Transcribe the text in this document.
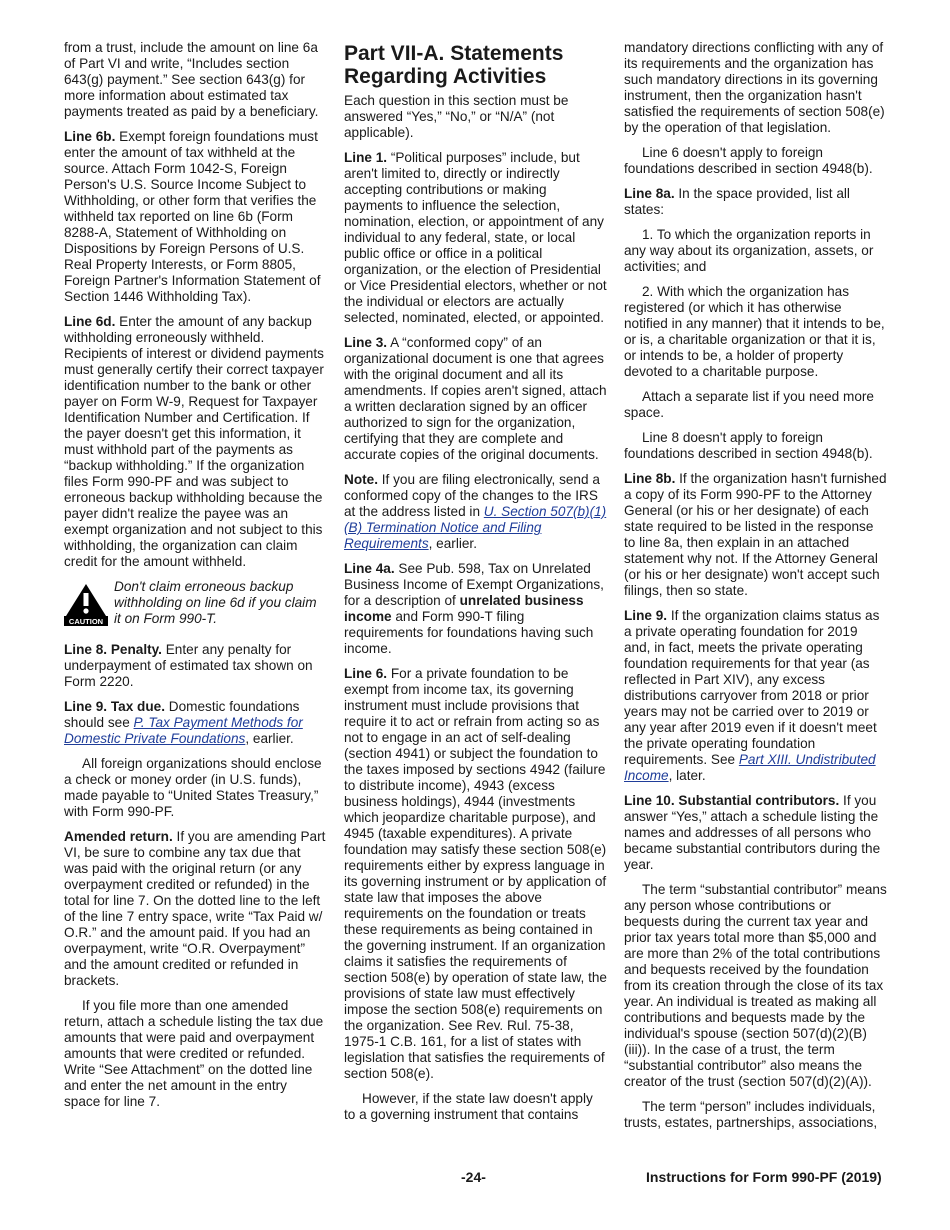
from a trust, include the amount on line 6a of Part VI and write, “Includes section 643(g) payment.” See section 643(g) for more information about estimated tax payments treated as paid by a beneficiary.

Line 6b. Exempt foreign foundations must enter the amount of tax withheld at the source. Attach Form 1042-S, Foreign Person's U.S. Source Income Subject to Withholding, or other form that verifies the withheld tax reported on line 6b (Form 8288-A, Statement of Withholding on Dispositions by Foreign Persons of U.S. Real Property Interests, or Form 8805, Foreign Partner's Information Statement of Section 1446 Withholding Tax).

Line 6d. Enter the amount of any backup withholding erroneously withheld. Recipients of interest or dividend payments must generally certify their correct taxpayer identification number to the bank or other payer on Form W-9, Request for Taxpayer Identification Number and Certification. If the payer doesn't get this information, it must withhold part of the payments as “backup withholding.” If the organization files Form 990-PF and was subject to erroneous backup withholding because the payer didn't realize the payee was an exempt organization and not subject to this withholding, the organization can claim credit for the amount withheld.

CAUTION
Don't claim erroneous backup withholding on line 6d if you claim it on Form 990-T.

Line 8. Penalty. Enter any penalty for underpayment of estimated tax shown on Form 2220.

Line 9. Tax due. Domestic foundations should see P. Tax Payment Methods for Domestic Private Foundations, earlier.

All foreign organizations should enclose a check or money order (in U.S. funds), made payable to “United States Treasury,” with Form 990-PF.

Amended return. If you are amending Part VI, be sure to combine any tax due that was paid with the original return (or any overpayment credited or refunded) in the total for line 7. On the dotted line to the left of the line 7 entry space, write “Tax Paid w/ O.R.” and the amount paid. If you had an overpayment, write “O.R. Overpayment” and the amount credited or refunded in brackets.

If you file more than one amended return, attach a schedule listing the tax due amounts that were paid and overpayment amounts that were credited or refunded. Write “See Attachment” on the dotted line and enter the net amount in the entry space for line 7.

Part VII-A. Statements Regarding Activities

Each question in this section must be answered “Yes,” “No,” or “N/A” (not applicable).

Line 1. “Political purposes” include, but aren't limited to, directly or indirectly accepting contributions or making payments to influence the selection, nomination, election, or appointment of any individual to any federal, state, or local public office or office in a political organization, or the election of Presidential or Vice Presidential electors, whether or not the individual or electors are actually selected, nominated, elected, or appointed.

Line 3. A “conformed copy” of an organizational document is one that agrees with the original document and all its amendments. If copies aren't signed, attach a written declaration signed by an officer authorized to sign for the organization, certifying that they are complete and accurate copies of the original documents.

Note. If you are filing electronically, send a conformed copy of the changes to the IRS at the address listed in U. Section 507(b)(1)(B) Termination Notice and Filing Requirements, earlier.

Line 4a. See Pub. 598, Tax on Unrelated Business Income of Exempt Organizations, for a description of unrelated business income and Form 990-T filing requirements for foundations having such income.

Line 6. For a private foundation to be exempt from income tax, its governing instrument must include provisions that require it to act or refrain from acting so as not to engage in an act of self-dealing (section 4941) or subject the foundation to the taxes imposed by sections 4942 (failure to distribute income), 4943 (excess business holdings), 4944 (investments which jeopardize charitable purpose), and 4945 (taxable expenditures). A private foundation may satisfy these section 508(e) requirements either by express language in its governing instrument or by application of state law that imposes the above requirements on the foundation or treats these requirements as being contained in the governing instrument. If an organization claims it satisfies the requirements of section 508(e) by operation of state law, the provisions of state law must effectively impose the section 508(e) requirements on the organization. See Rev. Rul. 75-38, 1975-1 C.B. 161, for a list of states with legislation that satisfies the requirements of section 508(e).

However, if the state law doesn't apply to a governing instrument that contains

mandatory directions conflicting with any of its requirements and the organization has such mandatory directions in its governing instrument, then the organization hasn't satisfied the requirements of section 508(e) by the operation of that legislation.

Line 6 doesn't apply to foreign foundations described in section 4948(b).

Line 8a. In the space provided, list all states:

1. To which the organization reports in any way about its organization, assets, or activities; and

2. With which the organization has registered (or which it has otherwise notified in any manner) that it intends to be, or is, a charitable organization or that it is, or intends to be, a holder of property devoted to a charitable purpose.

Attach a separate list if you need more space.

Line 8 doesn't apply to foreign foundations described in section 4948(b).

Line 8b. If the organization hasn't furnished a copy of its Form 990-PF to the Attorney General (or his or her designate) of each state required to be listed in the response to line 8a, then explain in an attached statement why not. If the Attorney General (or his or her designate) won't accept such filings, then so state.

Line 9. If the organization claims status as a private operating foundation for 2019 and, in fact, meets the private operating foundation requirements for that year (as reflected in Part XIV), any excess distributions carryover from 2018 or prior years may not be carried over to 2019 or any year after 2019 even if it doesn't meet the private operating foundation requirements. See Part XIII. Undistributed Income, later.

Line 10. Substantial contributors. If you answer “Yes,” attach a schedule listing the names and addresses of all persons who became substantial contributors during the year.

The term “substantial contributor” means any person whose contributions or bequests during the current tax year and prior tax years total more than $5,000 and are more than 2% of the total contributions and bequests received by the foundation from its creation through the close of its tax year. An individual is treated as making all contributions and bequests made by the individual's spouse (section 507(d)(2)(B)(iii)). In the case of a trust, the term “substantial contributor” also means the creator of the trust (section 507(d)(2)(A)).

The term “person” includes individuals, trusts, estates, partnerships, associations,

-24-	Instructions for Form 990-PF (2019)
